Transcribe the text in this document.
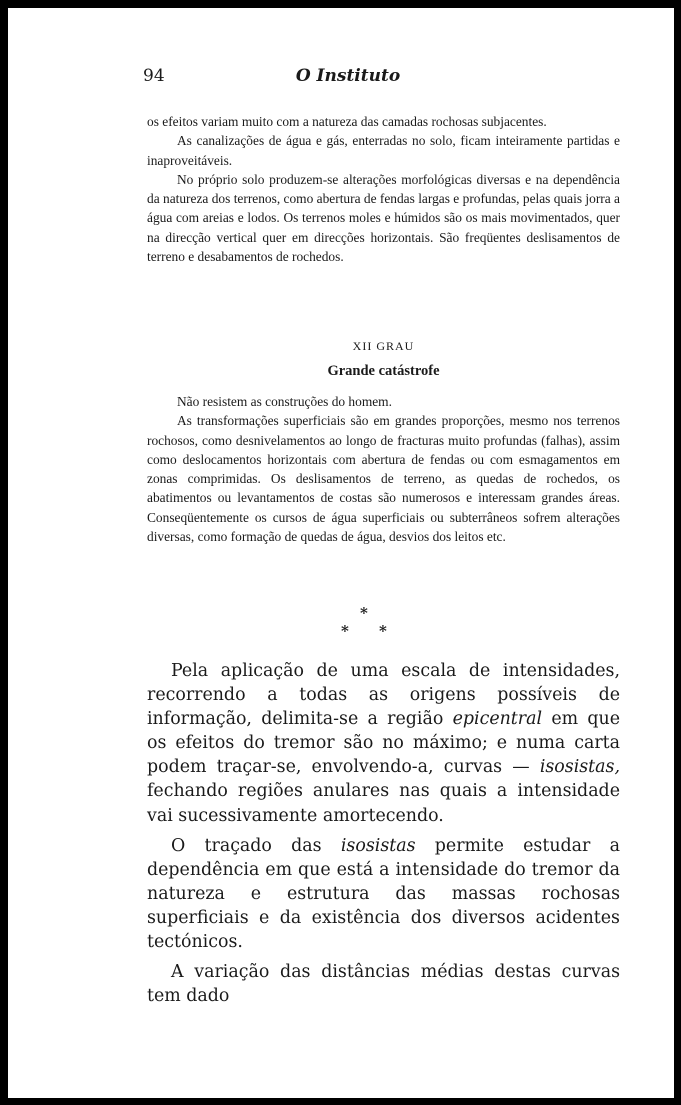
94	O Instituto

os efeitos variam muito com a natureza das camadas rochosas subjacentes.

As canalizações de água e gás, enterradas no solo, ficam inteiramente partidas e inaproveitáveis.

No próprio solo produzem-se alterações morfológicas diversas e na dependência da natureza dos terrenos, como abertura de fendas largas e profundas, pelas quais jorra a água com areias e lodos. Os terrenos moles e húmidos são os mais movimentados, quer na direcção vertical quer em direcções horizontais. São freqüentes deslisamentos de terreno e desabamentos de rochedos.

XII GRAU
Grande catástrofe

Não resistem as construções do homem.

As transformações superficiais são em grandes proporções, mesmo nos terrenos rochosos, como desnivelamentos ao longo de fracturas muito profundas (falhas), assim como deslocamentos horizontais com abertura de fendas ou com esmagamentos em zonas comprimidas. Os deslisamentos de terreno, as quedas de rochedos, os abatimentos ou levantamentos de costas são numerosos e interessam grandes áreas. Conseqüentemente os cursos de água superficiais ou subterrâneos sofrem alterações diversas, como formação de quedas de água, desvios dos leitos etc.

*
* *

Pela aplicação de uma escala de intensidades, recorrendo a todas as origens possíveis de informação, delimita-se a região epicentral em que os efeitos do tremor são no máximo; e numa carta podem traçar-se, envolvendo-a, curvas — isosistas, fechando regiões anulares nas quais a intensidade vai sucessivamente amortecendo.

O traçado das isosistas permite estudar a dependência em que está a intensidade do tremor da natureza e estrutura das massas rochosas superficiais e da existência dos diversos acidentes tectónicos.

A variação das distâncias médias destas curvas tem dado
